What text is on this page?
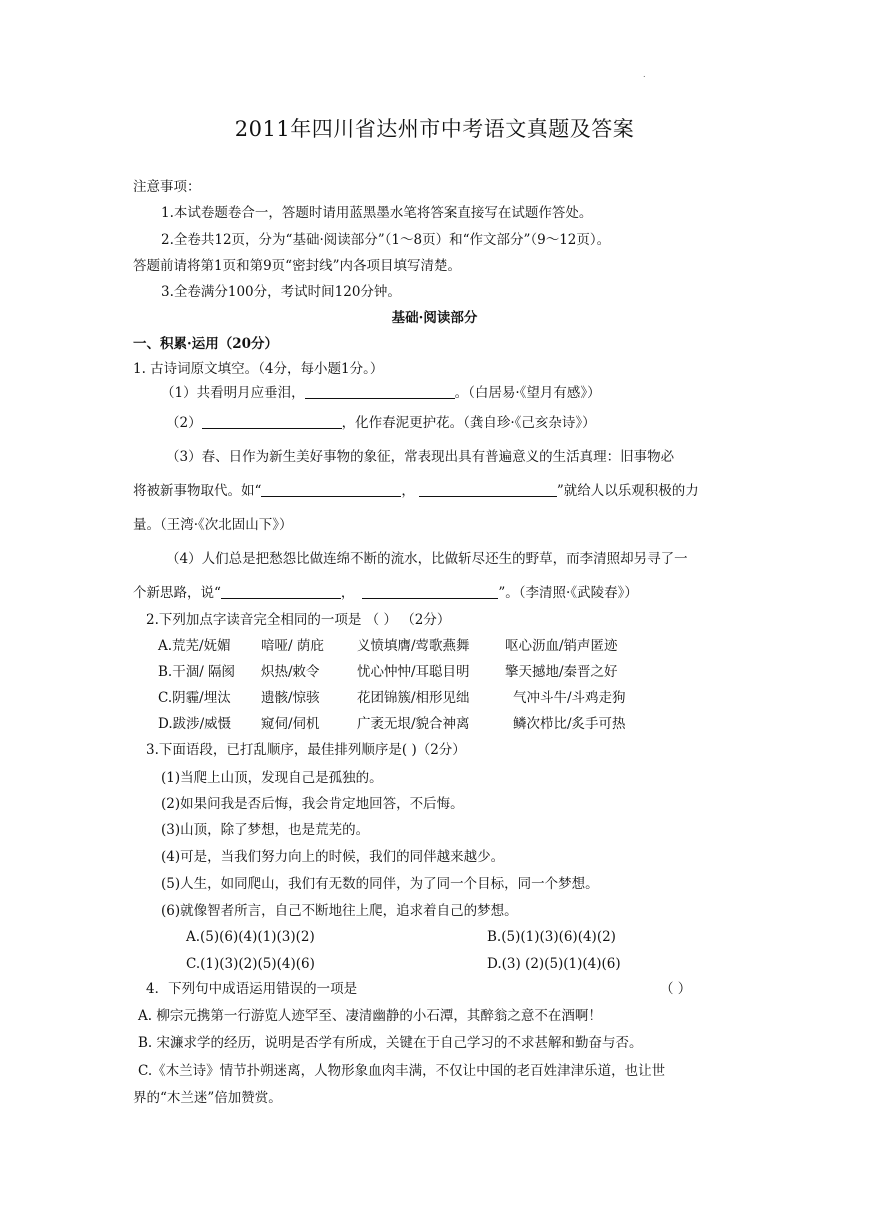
.
2011年四川省达州市中考语文真题及答案
注意事项：
1.本试卷题卷合一，答题时请用蓝黑墨水笔将答案直接写在试题作答处。
2.全卷共12页，分为“基础·阅读部分”（1～8页）和“作文部分”（9～12页）。
答题前请将第1页和第9页“密封线”内各项目填写清楚。
3.全卷满分100分，考试时间120分钟。
基础·阅读部分
一、积累·运用（20分）
1. 古诗词原文填空。（4分，每小题1分。）
（1）共看明月应垂泪，	。（白居易·《望月有感》）
（2）	，化作春泥更护花。（龚自珍·《己亥杂诗》）
（3）春、日作为新生美好事物的象征，常表现出具有普遍意义的生活真理：旧事物必
将被新事物取代。如“	，	”就给人以乐观积极的力
量。（王湾·《次北固山下》）
（4）人们总是把愁怨比做连绵不断的流水，比做斩尽还生的野草，而李清照却另寻了一
个新思路，说“	，	”。（李清照·《武陵春》）
2.下列加点字读音完全相同的一项是 （ ） （2分）
A.荒芜/妩媚 喑哑/ 荫庇 义愤填膺/莺歌燕舞	呕心沥血/销声匿迹
B.干涸/ 隔阂 炽热/敕令	忧心忡忡/耳聪目明	擎天撼地/秦晋之好
C.阴霾/埋汰 遗骸/惊骇	花团锦簇/相形见绌	气冲斗牛/斗鸡走狗
D.跋涉/威慑 窥伺/伺机	广袤无垠/貌合神离	鳞次栉比/炙手可热
3.下面语段，已打乱顺序，最佳排列顺序是( )（2分）
(1)当爬上山顶，发现自己是孤独的。
(2)如果问我是否后悔，我会肯定地回答，不后悔。
(3)山顶，除了梦想，也是荒芜的。
(4)可是，当我们努力向上的时候，我们的同伴越来越少。
(5)人生，如同爬山，我们有无数的同伴，为了同一个目标，同一个梦想。
(6)就像智者所言，自己不断地往上爬，追求着自己的梦想。
A.(5)(6)(4)(1)(3)(2)	B.(5)(1)(3)(6)(4)(2)
C.(1)(3)(2)(5)(4)(6)	D.(3) (2)(5)(1)(4)(6)
4．下列句中成语运用错误的一项是	（ ）
A. 柳宗元携第一行游览人迹罕至、凄清幽静的小石潭，其醉翁之意不在酒啊！
B. 宋濂求学的经历，说明是否学有所成，关键在于自己学习的不求甚解和勤奋与否。
C.《木兰诗》情节扑朔迷离，人物形象血肉丰满，不仅让中国的老百姓津津乐道，也让世
界的“木兰迷”倍加赞赏。
